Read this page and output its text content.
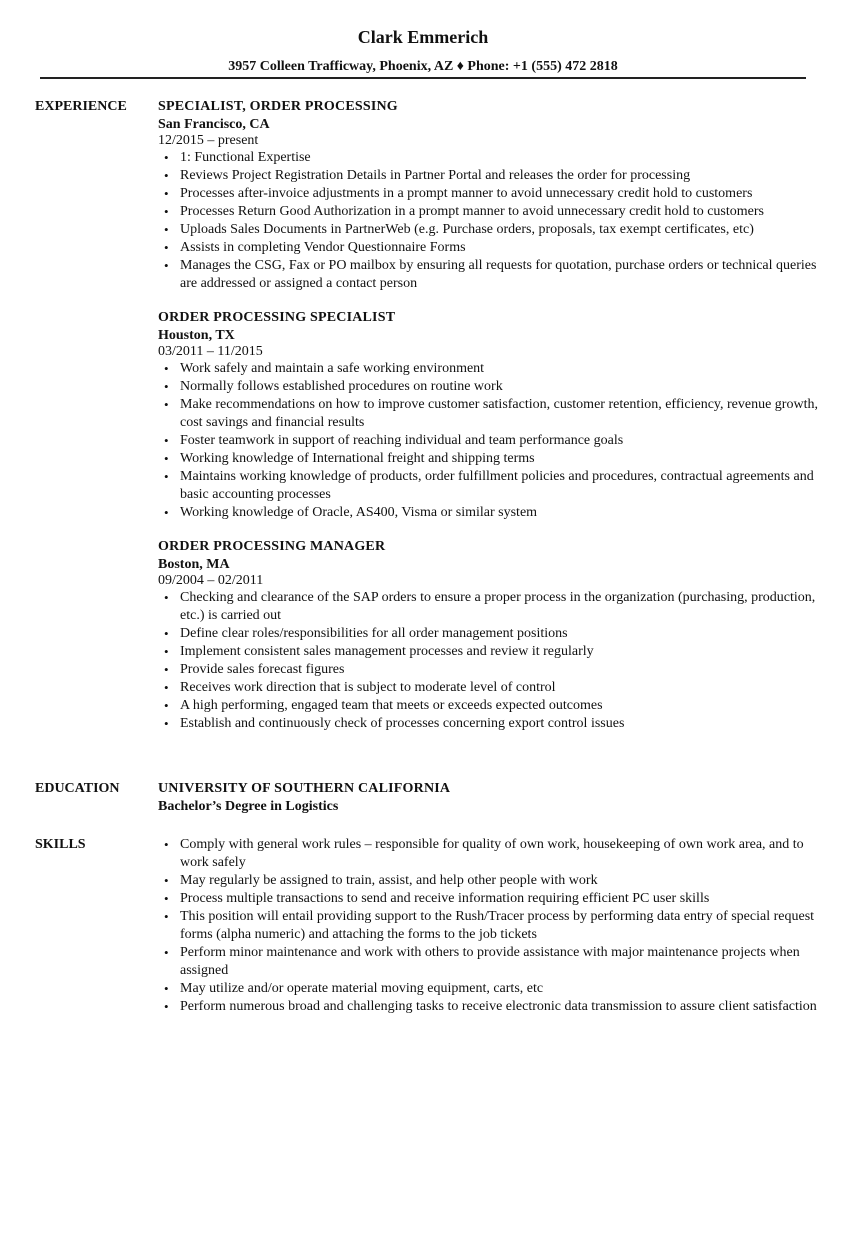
Clark Emmerich
3957 Colleen Trafficway, Phoenix, AZ ♦ Phone: +1 (555) 472 2818
EXPERIENCE SPECIALIST, ORDER PROCESSING
San Francisco, CA
12/2015 – present
• 1: Functional Expertise
• Reviews Project Registration Details in Partner Portal and releases the order for processing
• Processes after-invoice adjustments in a prompt manner to avoid unnecessary credit hold to customers
• Processes Return Good Authorization in a prompt manner to avoid unnecessary credit hold to customers
• Uploads Sales Documents in PartnerWeb (e.g. Purchase orders, proposals, tax exempt certificates, etc)
• Assists in completing Vendor Questionnaire Forms
• Manages the CSG, Fax or PO mailbox by ensuring all requests for quotation, purchase orders or technical queries are addressed or assigned a contact person
ORDER PROCESSING SPECIALIST
Houston, TX
03/2011 – 11/2015
• Work safely and maintain a safe working environment
• Normally follows established procedures on routine work
• Make recommendations on how to improve customer satisfaction, customer retention, efficiency, revenue growth, cost savings and financial results
• Foster teamwork in support of reaching individual and team performance goals
• Working knowledge of International freight and shipping terms
• Maintains working knowledge of products, order fulfillment policies and procedures, contractual agreements and basic accounting processes
• Working knowledge of Oracle, AS400, Visma or similar system
ORDER PROCESSING MANAGER
Boston, MA
09/2004 – 02/2011
• Checking and clearance of the SAP orders to ensure a proper process in the organization (purchasing, production, etc.) is carried out
• Define clear roles/responsibilities for all order management positions
• Implement consistent sales management processes and review it regularly
• Provide sales forecast figures
• Receives work direction that is subject to moderate level of control
• A high performing, engaged team that meets or exceeds expected outcomes
• Establish and continuously check of processes concerning export control issues
EDUCATION	UNIVERSITY OF SOUTHERN CALIFORNIA
Bachelor’s Degree in Logistics
SKILLS
•	Comply with general work rules – responsible for quality of own work, housekeeping of own work area, and to work safely
• May regularly be assigned to train, assist, and help other people with work
• Process multiple transactions to send and receive information requiring efficient PC user skills
• This position will entail providing support to the Rush/Tracer process by performing data entry of special request forms (alpha numeric) and attaching the forms to the job tickets
• Perform minor maintenance and work with others to provide assistance with major maintenance projects when assigned
• May utilize and/or operate material moving equipment, carts, etc
• Perform numerous broad and challenging tasks to receive electronic data transmission to assure client satisfaction
